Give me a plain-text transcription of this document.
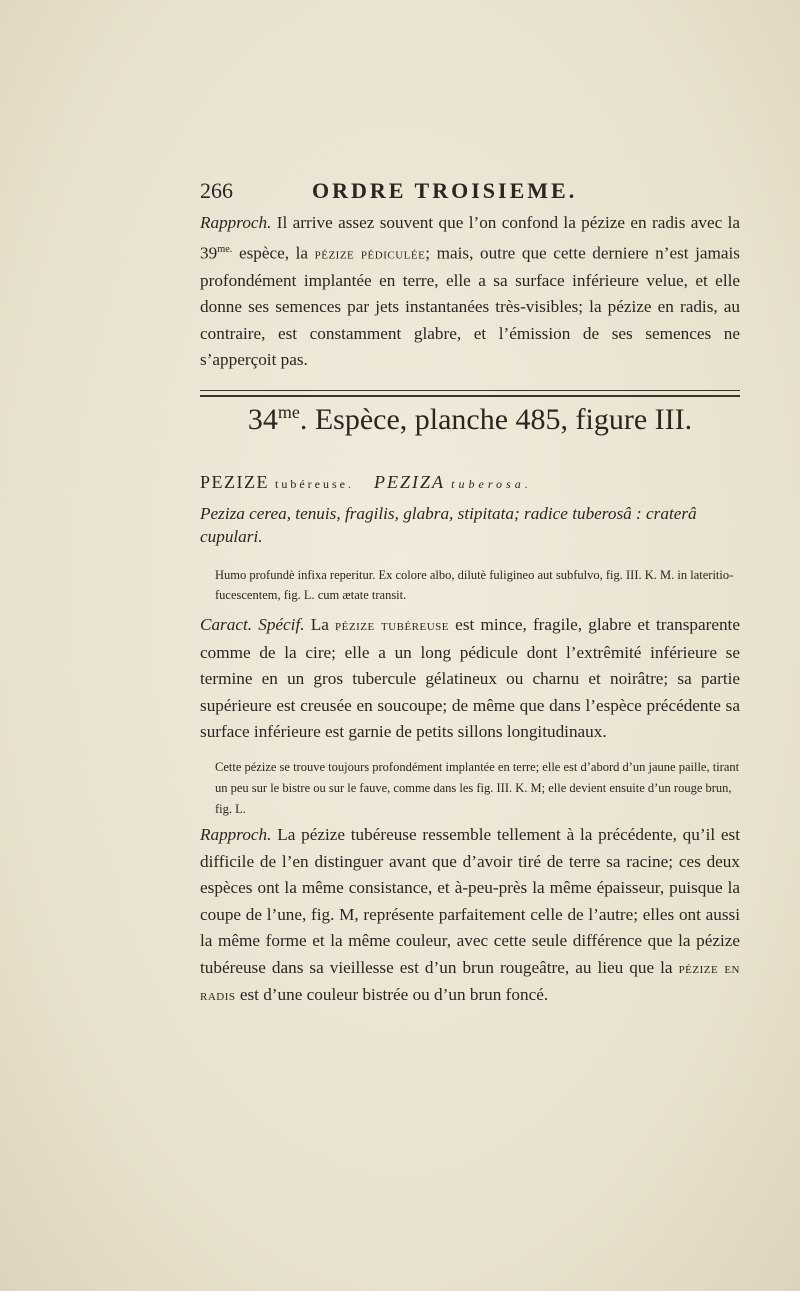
266	ORDRE TROISIEME.

Rapproch. Il arrive assez souvent que l’on confond la pézize en radis avec la $39^{me.}$ espèce, la pézize pédiculée; mais, outre que cette derniere n’est jamais profondément implantée en terre, elle a sa surface inférieure velue, et elle donne ses semences par jets instantanées très-visibles; la pézize en radis, au contraire, est constamment glabre, et l’émission de ses semences ne s’apperçoit pas.

$34^{me}$. Espèce, planche 485, figure III.
PEZIZE tubéreuse. PEZIZA tuberosa.
Peziza cerea, tenuis, fragilis, glabra, stipitata; radice tuberosâ : craterâ cupulari.
Humo profundè infixa reperitur. Ex colore albo, dilutè fuligineo aut subfulvo, fig. III. K. M. in lateritio-fucescentem, fig. L. cum ætate transit.

Caract. Spécif. La pézize tubéreuse est mince, fragile, glabre et transparente comme de la cire; elle a un long pédicule dont l’extrêmité inférieure se termine en un gros tubercule gélatineux ou charnu et noirâtre; sa partie supérieure est creusée en soucoupe; de même que dans l’espèce précédente sa surface inférieure est garnie de petits sillons longitudinaux.

Cette pézize se trouve toujours profondément implantée en terre; elle est d’abord d’un jaune paille, tirant un peu sur le bistre ou sur le fauve, comme dans les fig. III. K. M; elle devient ensuite d’un rouge brun, fig. L.

Rapproch. La pézize tubéreuse ressemble tellement à la précédente, qu’il est difficile de l’en distinguer avant que d’avoir tiré de terre sa racine; ces deux espèces ont la même consistance, et à-peu-près la même épaisseur, puisque la coupe de l’une, fig. M, représente parfaitement celle de l’autre; elles ont aussi la même forme et la même couleur, avec cette seule différence que la pézize tubéreuse dans sa vieillesse est d’un brun rougeâtre, au lieu que la pézize en radis est d’une couleur bistrée ou d’un brun foncé.
